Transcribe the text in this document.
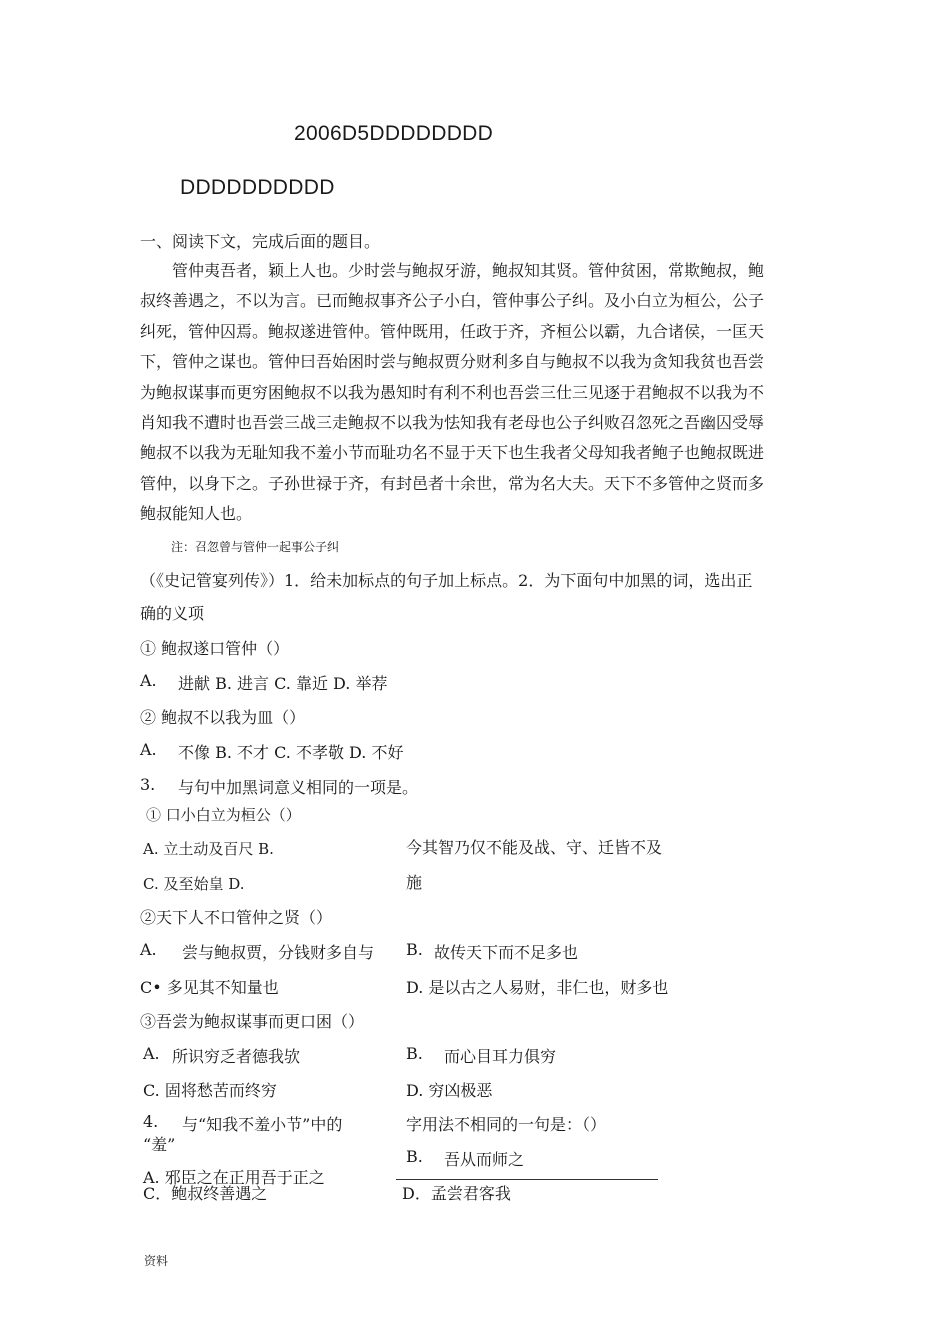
2006D5DDDDDDDD
DDDDDDDDDD
一、阅读下文，完成后面的题目。

　　管仲夷吾者，颖上人也。少时尝与鲍叔牙游，鲍叔知其贤。管仲贫困，常欺鲍叔，鲍

叔终善遇之，不以为言。已而鲍叔事齐公子小白，管仲事公子纠。及小白立为桓公，公子

纠死，管仲囚焉。鲍叔遂进管仲。管仲既用，任政于齐，齐桓公以霸，九合诸侯，一匡天

下，管仲之谋也。管仲曰吾始困时尝与鲍叔贾分财利多自与鲍叔不以我为贪知我贫也吾尝

为鲍叔谋事而更穷困鲍叔不以我为愚知时有利不利也吾尝三仕三见逐于君鲍叔不以我为不

肖知我不遭时也吾尝三战三走鲍叔不以我为怯知我有老母也公子纠败召忽死之吾幽囚受辱

鲍叔不以我为无耻知我不羞小节而耻功名不显于天下也生我者父母知我者鲍子也鲍叔既进

管仲，以身下之。子孙世禄于齐，有封邑者十余世，常为名大夫。天下不多管仲之贤而多

鲍叔能知人也。

注：召忽曾与管仲一起事公子纠
（《史记管宴列传》）1．给未加标点的句子加上标点。2．为下面句中加黑的词，选出正
确的义项
① 鲍叔遂口管仲（）
A. 进献 B. 进言 C. 靠近 D. 举荐
② 鲍叔不以我为皿（）
A. 不像 B. 不才 C. 不孝敬 D. 不好
3. 与句中加黑词意义相同的一项是。
① 口小白立为桓公（）
A. 立土动及百尺 B.	今其智乃仅不能及战、守、迁皆不及
C. 及至始皇 D.	施
②天下人不口管仲之贤（）
A. 尝与鲍叔贾，分钱财多自与 B. 故传天下而不足多也
C• 多见其不知量也	D. 是以古之人易财，非仁也，财多也
③吾尝为鲍叔谋事而更口困（）
A. 所识穷乏者德我欤	B. 而心目耳力俱穷
C. 固将愁苦而终穷	D. 穷凶极恶
4. 与“知我不羞小节”中的
“羞”
字用法不相同的一句是：（）
A. 邪臣之在正用吾于正之
B. 吾从而师之
C．鲍叔终善遇之	D．孟尝君客我
资料
